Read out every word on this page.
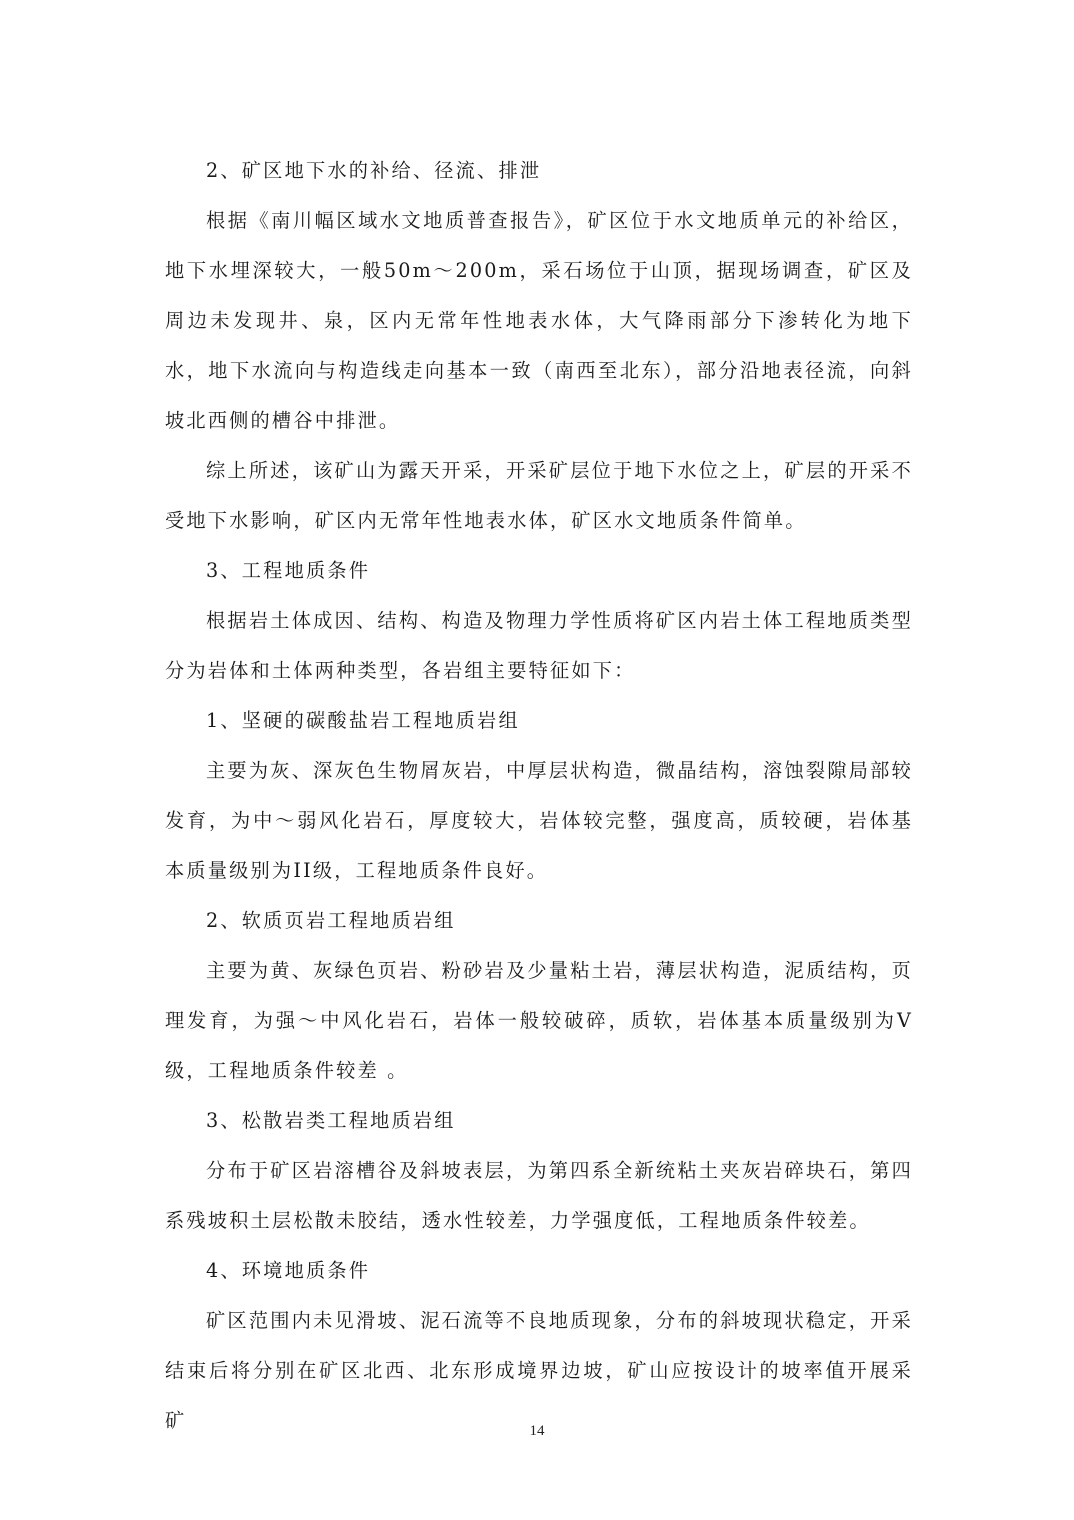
2、矿区地下水的补给、径流、排泄

根据《南川幅区域水文地质普查报告》，矿区位于水文地质单元的补给区，地下水埋深较大，一般50m～200m，采石场位于山顶，据现场调查，矿区及周边未发现井、泉，区内无常年性地表水体，大气降雨部分下渗转化为地下水，地下水流向与构造线走向基本一致（南西至北东），部分沿地表径流，向斜坡北西侧的槽谷中排泄。

综上所述，该矿山为露天开采，开采矿层位于地下水位之上，矿层的开采不受地下水影响，矿区内无常年性地表水体，矿区水文地质条件简单。

3、工程地质条件

根据岩土体成因、结构、构造及物理力学性质将矿区内岩土体工程地质类型分为岩体和土体两种类型，各岩组主要特征如下：

1、坚硬的碳酸盐岩工程地质岩组

主要为灰、深灰色生物屑灰岩，中厚层状构造，微晶结构，溶蚀裂隙局部较发育，为中～弱风化岩石，厚度较大，岩体较完整，强度高，质较硬，岩体基本质量级别为II级，工程地质条件良好。

2、软质页岩工程地质岩组

主要为黄、灰绿色页岩、粉砂岩及少量粘土岩，薄层状构造，泥质结构，页理发育，为强～中风化岩石，岩体一般较破碎，质软，岩体基本质量级别为V级，工程地质条件较差 。

3、松散岩类工程地质岩组

分布于矿区岩溶槽谷及斜坡表层，为第四系全新统粘土夹灰岩碎块石，第四系残坡积土层松散未胶结，透水性较差，力学强度低，工程地质条件较差。

4、环境地质条件

矿区范围内未见滑坡、泥石流等不良地质现象，分布的斜坡现状稳定，开采结束后将分别在矿区北西、北东形成境界边坡，矿山应按设计的坡率值开展采矿	14
